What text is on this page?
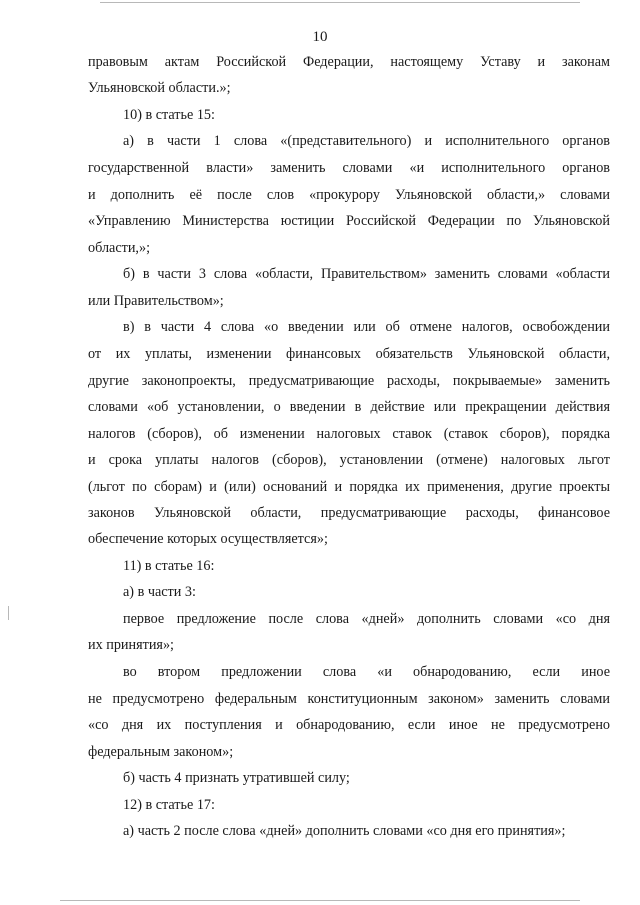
10
правовым актам Российской Федерации, настоящему Уставу и законам
Ульяновской области.»;
10) в статье 15:
а) в части 1 слова «(представительного) и исполнительного органов
государственной власти» заменить словами «и исполнительного органов
и дополнить её после слов «прокурору Ульяновской области,» словами
«Управлению Министерства юстиции Российской Федерации по Ульяновской
области,»;
б) в части 3 слова «области, Правительством» заменить словами «области
или Правительством»;
в) в части 4 слова «о введении или об отмене налогов, освобождении
от их уплаты, изменении финансовых обязательств Ульяновской области,
другие законопроекты, предусматривающие расходы, покрываемые» заменить
словами «об установлении, о введении в действие или прекращении действия
налогов (сборов), об изменении налоговых ставок (ставок сборов), порядка
и срока уплаты налогов (сборов), установлении (отмене) налоговых льгот
(льгот по сборам) и (или) оснований и порядка их применения, другие проекты
законов Ульяновской области, предусматривающие расходы, финансовое
обеспечение которых осуществляется»;
11) в статье 16:
а) в части 3:
первое предложение после слова «дней» дополнить словами «со дня
их принятия»;
во втором предложении слова «и обнародованию, если иное
не предусмотрено федеральным конституционным законом» заменить словами
«со дня их поступления и обнародованию, если иное не предусмотрено
федеральным законом»;
б) часть 4 признать утратившей силу;
12) в статье 17:
а) часть 2 после слова «дней» дополнить словами «со дня его принятия»;
